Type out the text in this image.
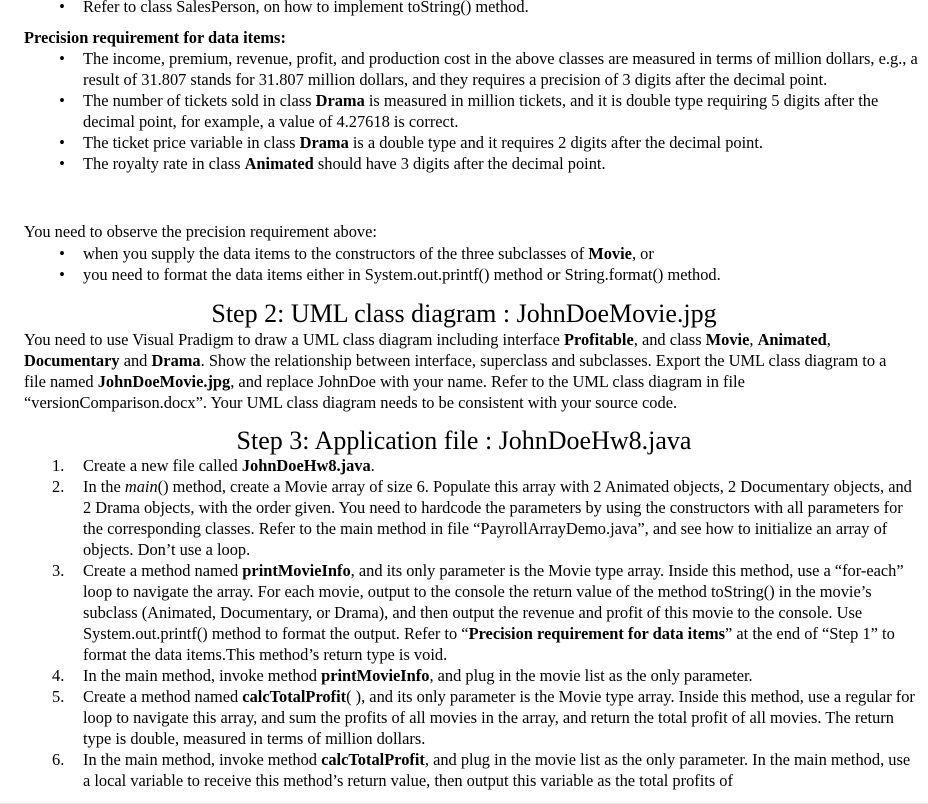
• Refer to class SalesPerson, on how to implement toString() method.

Precision requirement for data items:

• The income, premium, revenue, profit, and production cost in the above classes are measured in terms of million dollars, e.g., a result of 31.807 stands for 31.807 million dollars, and they requires a precision of 3 digits after the decimal point.
• The number of tickets sold in class Drama is measured in million tickets, and it is double type requiring 5 digits after the decimal point, for example, a value of 4.27618 is correct.
• The ticket price variable in class Drama is a double type and it requires 2 digits after the decimal point.
• The royalty rate in class Animated should have 3 digits after the decimal point.

You need to observe the precision requirement above:

• when you supply the data items to the constructors of the three subclasses of Movie, or
• you need to format the data items either in System.out.printf() method or String.format() method.
Step 2: UML class diagram : JohnDoeMovie.jpg

You need to use Visual Pradigm to draw a UML class diagram including interface Profitable, and class Movie, Animated, Documentary and Drama. Show the relationship between interface, superclass and subclasses. Export the UML class diagram to a file named JohnDoeMovie.jpg, and replace JohnDoe with your name. Refer to the UML class diagram in file “versionComparison.docx”. Your UML class diagram needs to be consistent with your source code.

Step 3: Application file : JohnDoeHw8.java
1. Create a new file called JohnDoeHw8.java.
2. In the main() method, create a Movie array of size 6. Populate this array with 2 Animated objects, 2 Documentary objects, and 2 Drama objects, with the order given. You need to hardcode the parameters by using the constructors with all parameters for the corresponding classes. Refer to the main method in file “PayrollArrayDemo.java”, and see how to initialize an array of objects. Don’t use a loop.
3. Create a method named printMovieInfo, and its only parameter is the Movie type array. Inside this method, use a “for-each” loop to navigate the array. For each movie, output to the console the return value of the method toString() in the movie’s subclass (Animated, Documentary, or Drama), and then output the revenue and profit of this movie to the console. Use System.out.printf() method to format the output. Refer to “Precision requirement for data items” at the end of “Step 1” to format the data items.This method’s return type is void.
4. In the main method, invoke method printMovieInfo, and plug in the movie list as the only parameter.
5. Create a method named calcTotalProfit( ), and its only parameter is the Movie type array. Inside this method, use a regular for loop to navigate this array, and sum the profits of all movies in the array, and return the total profit of all movies. The return type is double, measured in terms of million dollars.
6. In the main method, invoke method calcTotalProfit, and plug in the movie list as the only parameter. In the main method, use a local variable to receive this method’s return value, then output this variable as the total profits of
